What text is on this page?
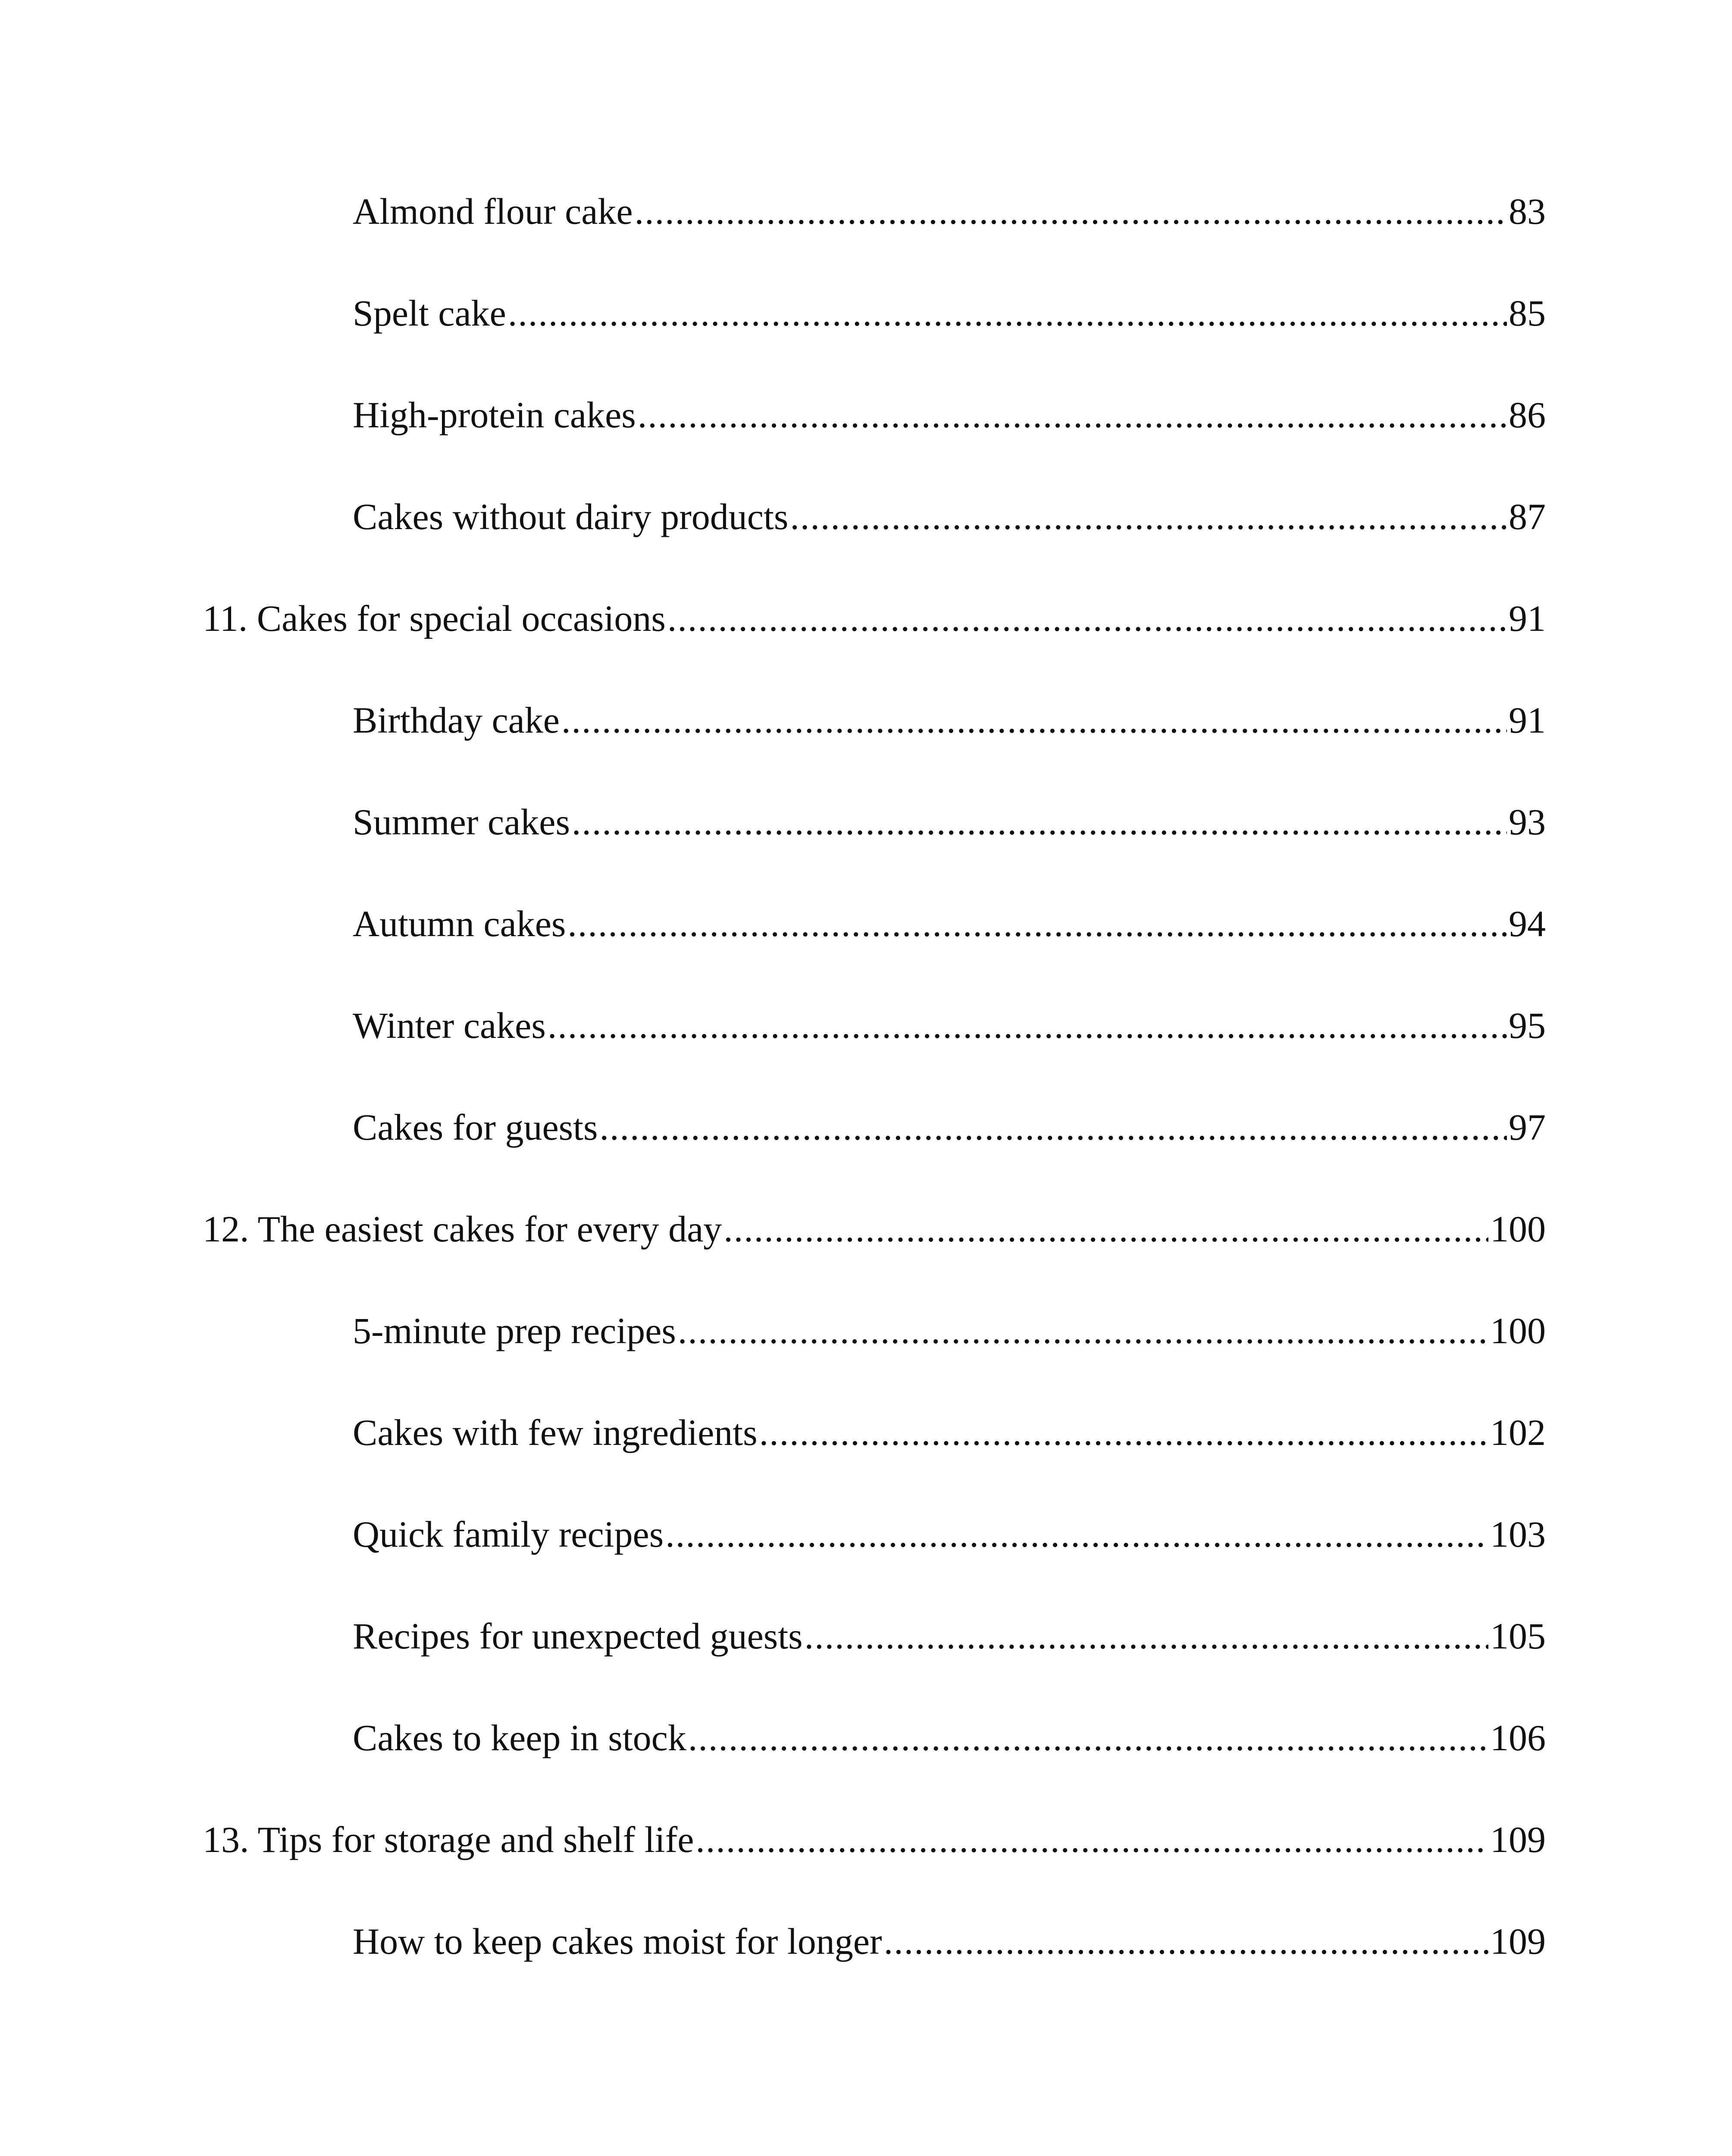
Almond flour cake .....	83
Spelt cake .....	85
High-protein cakes .....	86
Cakes without dairy products .....	87
11. Cakes for special occasions .....	91
Birthday cake .....	91
Summer cakes .....	93
Autumn cakes .....	94
Winter cakes .....	95
Cakes for guests .....	97
12. The easiest cakes for every day .....	100
5-minute prep recipes .....	100
Cakes with few ingredients .....	102
Quick family recipes .....	103
Recipes for unexpected guests .....	105
Cakes to keep in stock .....	106
13. Tips for storage and shelf life .....	109
How to keep cakes moist for longer .....	109
